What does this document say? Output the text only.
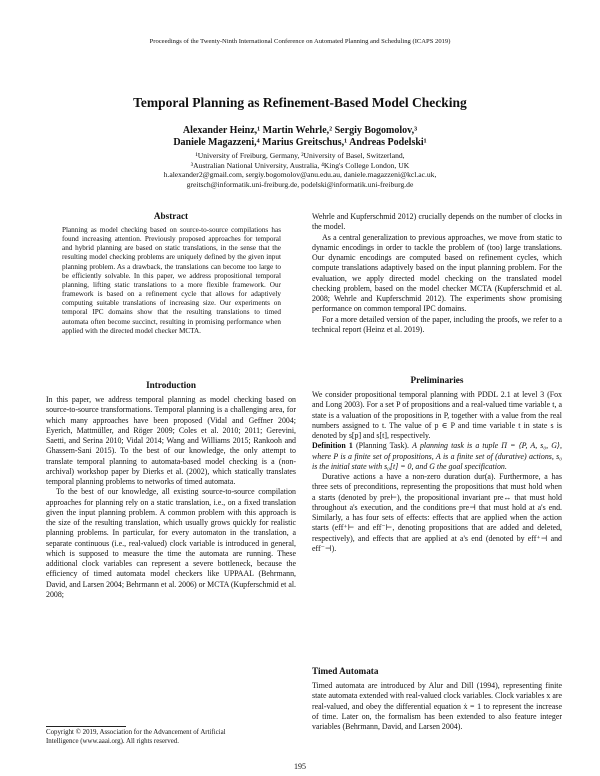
Proceedings of the Twenty-Ninth International Conference on Automated Planning and Scheduling (ICAPS 2019)
Temporal Planning as Refinement-Based Model Checking
Alexander Heinz,¹ Martin Wehrle,² Sergiy Bogomolov,³
Daniele Magazzeni,⁴ Marius Greitschus,¹ Andreas Podelski¹
¹University of Freiburg, Germany, ²University of Basel, Switzerland,
³Australian National University, Australia, ⁴King's College London, UK
h.alexander2@gmail.com, sergiy.bogomolov@anu.edu.au, daniele.magazzeni@kcl.ac.uk,
greitsch@informatik.uni-freiburg.de, podelski@informatik.uni-freiburg.de
Abstract
Planning as model checking based on source-to-source compilations has found increasing attention. Previously proposed approaches for temporal and hybrid planning are based on static translations, in the sense that the resulting model checking problems are uniquely defined by the given input planning problem. As a drawback, the translations can become too large to be efficiently solvable. In this paper, we address propositional temporal planning, lifting static translations to a more flexible framework. Our framework is based on a refinement cycle that allows for adaptively computing suitable translations of increasing size. Our experiments on temporal IPC domains show that the resulting translations to timed automata often become succinct, resulting in promising performance when applied with the directed model checker MCTA.
Introduction

In this paper, we address temporal planning as model checking based on source-to-source transformations. Temporal planning is a challenging area, for which many approaches have been proposed (Vidal and Geffner 2004; Eyerich, Mattmüller, and Röger 2009; Coles et al. 2010; 2011; Gerevini, Saetti, and Serina 2010; Vidal 2014; Wang and Williams 2015; Rankooh and Ghassem-Sani 2015). To the best of our knowledge, the only attempt to translate temporal planning to automata-based model checking is a (non-archival) workshop paper by Dierks et al. (2002), which statically translates temporal planning problems to networks of timed automata.

To the best of our knowledge, all existing source-to-source compilation approaches for planning rely on a static translation, i.e., on a fixed translation given the input planning problem. A common problem with this approach is the size of the resulting translation, which usually grows quickly for realistic planning problems. In particular, for every automaton in the translation, a separate continuous (i.e., real-valued) clock variable is introduced in general, which is supposed to measure the time the automata are running. These additional clock variables can represent a severe bottleneck, because the efficiency of timed automata model checkers like UPPAAL (Behrmann, David, and Larsen 2004; Behrmann et al. 2006) or MCTA (Kupferschmid et al. 2008;

Copyright © 2019, Association for the Advancement of Artificial
Intelligence (www.aaai.org). All rights reserved.

Wehrle and Kupferschmid 2012) crucially depends on the number of clocks in the model.

As a central generalization to previous approaches, we move from static to dynamic encodings in order to tackle the problem of (too) large translations. Our dynamic encodings are computed based on refinement cycles, which compute translations adaptively based on the input planning problem. For the evaluation, we apply directed model checking on the translated model checking problem, based on the model checker MCTA (Kupferschmid et al. 2008; Wehrle and Kupferschmid 2012). The experiments show promising performance on common temporal IPC domains.

For a more detailed version of the paper, including the proofs, we refer to a technical report (Heinz et al. 2019).

Preliminaries

We consider propositional temporal planning with PDDL 2.1 at level 3 (Fox and Long 2003). For a set P of propositions and a real-valued time variable t, a state is a valuation of the propositions in P, together with a value from the real numbers assigned to t. The value of p ∈ P and time variable t in state s is denoted by s[p] and s[t], respectively.

Definition 1 (Planning Task). A planning task is a tuple Π = ⟨P, A, s₀, G⟩, where P is a finite set of propositions, A is a finite set of (durative) actions, s₀ is the initial state with s₀[t] = 0, and G the goal specification.

Durative actions a have a non-zero duration dur(a). Furthermore, a has three sets of preconditions, representing the propositions that must hold when a starts (denoted by pre⊢), the propositional invariant pre↔ that must hold throughout a's execution, and the conditions pre⊣ that must hold at a's end. Similarly, a has four sets of effects: effects that are applied when the action starts (eff⁺⊢ and eff⁻⊢, denoting propositions that are added and deleted, respectively), and effects that are applied at a's end (denoted by eff⁺⊣ and eff⁻⊣).

Timed Automata

Timed automata are introduced by Alur and Dill (1994), representing finite state automata extended with real-valued clock variables. Clock variables x are real-valued, and obey the differential equation ẋ = 1 to represent the increase of time. Later on, the formalism has been extended to also feature integer variables (Behrmann, David, and Larsen 2004).

195
